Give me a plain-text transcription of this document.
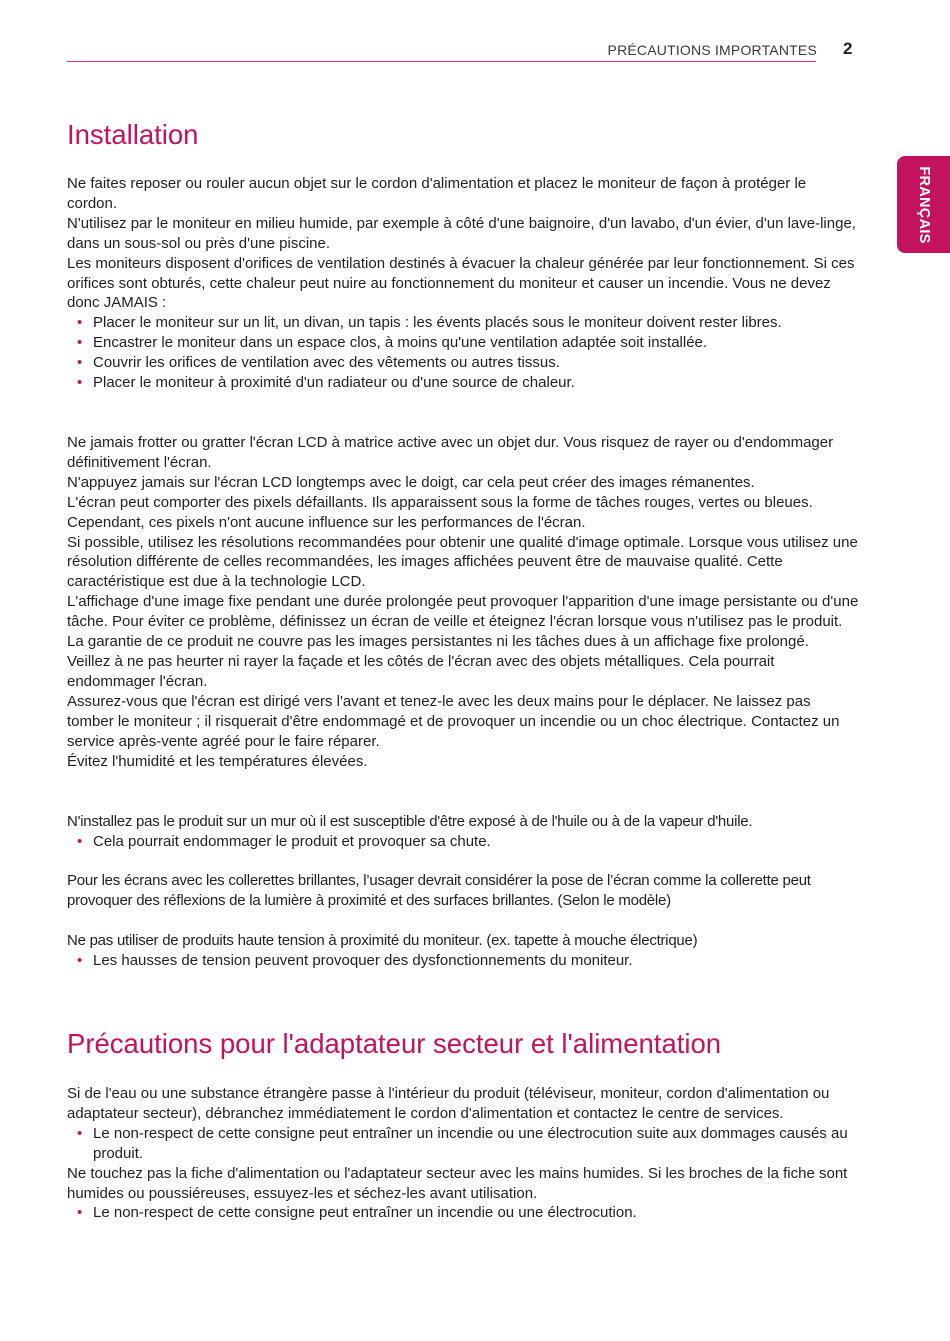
PRÉCAUTIONS IMPORTANTES 2
FRANÇAIS
Installation

Ne faites reposer ou rouler aucun objet sur le cordon d'alimentation et placez le moniteur de façon à protéger le cordon.

N'utilisez par le moniteur en milieu humide, par exemple à côté d'une baignoire, d'un lavabo, d'un évier, d'un lave-linge, dans un sous-sol ou près d'une piscine.

Les moniteurs disposent d'orifices de ventilation destinés à évacuer la chaleur générée par leur fonctionnement. Si ces orifices sont obturés, cette chaleur peut nuire au fonctionnement du moniteur et causer un incendie. Vous ne devez donc JAMAIS :

• Placer le moniteur sur un lit, un divan, un tapis : les évents placés sous le moniteur doivent rester libres.
• Encastrer le moniteur dans un espace clos, à moins qu'une ventilation adaptée soit installée.
• Couvrir les orifices de ventilation avec des vêtements ou autres tissus.
• Placer le moniteur à proximité d'un radiateur ou d'une source de chaleur.

Ne jamais frotter ou gratter l'écran LCD à matrice active avec un objet dur. Vous risquez de rayer ou d'endommager définitivement l'écran.

N'appuyez jamais sur l'écran LCD longtemps avec le doigt, car cela peut créer des images rémanentes.

L'écran peut comporter des pixels défaillants. Ils apparaissent sous la forme de tâches rouges, vertes ou bleues. Cependant, ces pixels n'ont aucune influence sur les performances de l'écran.

Si possible, utilisez les résolutions recommandées pour obtenir une qualité d'image optimale. Lorsque vous utilisez une résolution différente de celles recommandées, les images affichées peuvent être de mauvaise qualité. Cette caractéristique est due à la technologie LCD.

L'affichage d'une image fixe pendant une durée prolongée peut provoquer l'apparition d'une image persistante ou d'une tâche. Pour éviter ce problème, définissez un écran de veille et éteignez l'écran lorsque vous n'utilisez pas le produit. La garantie de ce produit ne couvre pas les images persistantes ni les tâches dues à un affichage fixe prolongé.

Veillez à ne pas heurter ni rayer la façade et les côtés de l'écran avec des objets métalliques. Cela pourrait endommager l'écran.

Assurez-vous que l'écran est dirigé vers l'avant et tenez-le avec les deux mains pour le déplacer. Ne laissez pas tomber le moniteur ; il risquerait d'être endommagé et de provoquer un incendie ou un choc électrique. Contactez un service après-vente agréé pour le faire réparer.

Évitez l'humidité et les températures élevées.

N'installez pas le produit sur un mur où il est susceptible d'être exposé à de l'huile ou à de la vapeur d'huile.

• Cela pourrait endommager le produit et provoquer sa chute.

Pour les écrans avec les collerettes brillantes, l’usager devrait considérer la pose de l’écran comme la collerette peut provoquer des réflexions de la lumière à proximité et des surfaces brillantes. (Selon le modèle)

Ne pas utiliser de produits haute tension à proximité du moniteur. (ex. tapette à mouche électrique)

• Les hausses de tension peuvent provoquer des dysfonctionnements du moniteur.
Précautions pour l'adaptateur secteur et l'alimentation

Si de l'eau ou une substance étrangère passe à l'intérieur du produit (téléviseur, moniteur, cordon d'alimentation ou adaptateur secteur), débranchez immédiatement le cordon d'alimentation et contactez le centre de services.

• Le non-respect de cette consigne peut entraîner un incendie ou une électrocution suite aux dommages causés au produit.

Ne touchez pas la fiche d'alimentation ou l'adaptateur secteur avec les mains humides. Si les broches de la fiche sont humides ou poussiéreuses, essuyez-les et séchez-les avant utilisation.

• Le non-respect de cette consigne peut entraîner un incendie ou une électrocution.
